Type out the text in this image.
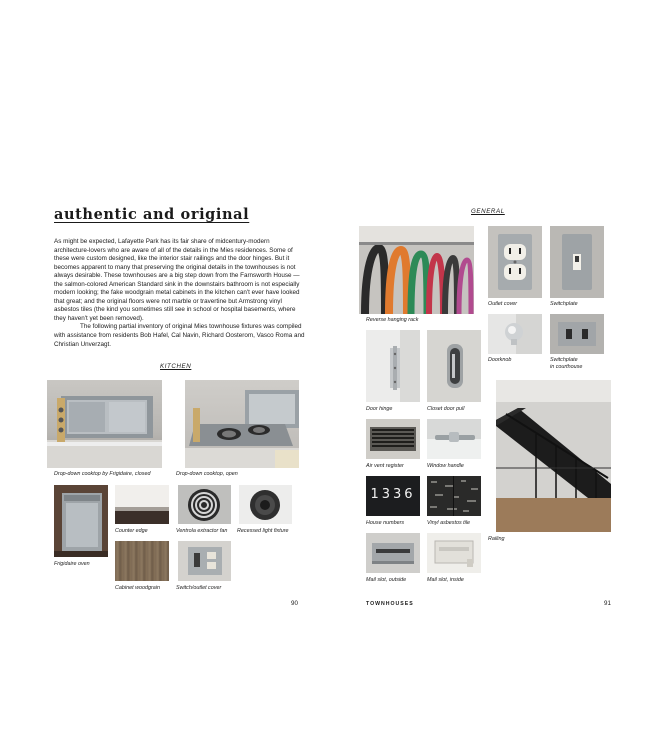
authentic and original

As might be expected, Lafayette Park has its fair share of midcentury-modern architecture-lovers who are aware of all of the details in the Mies residences. Some of these were custom designed, like the interior stair railings and the door hinges. But it becomes apparent to many that preserving the original details in the townhouses is not always desirable. These townhouses are a big step down from the Farnsworth House — the salmon-colored American Standard sink in the downstairs bathroom is not especially modern looking; the fake woodgrain metal cabinets in the kitchen can't ever have looked that great; and the original floors were not marble or travertine but Armstrong vinyl asbestos tiles (the kind you sometimes still see in school or hospital basements, where they haven't yet been removed).

The following partial inventory of original Mies townhouse fixtures was compiled with assistance from residents Bob Hafel, Cal Navin, Richard Oosterom, Vasco Roma and Christian Unverzagt.

KITCHEN
Drop-down cooktop by Frigidaire, closed	Drop-down cooktop, open
Frigidaire oven
Counter edge	Ventrola extractor fan Recessed light fixture
Cabinet woodgrain	Switch/outlet cover
90
GENERAL
Reverse hanging rack
Outlet cover	Switchplate
Doorknob	Switchplate
in courthouse
Door hinge	Closet door pull
Air vent register	Window handle
1336
House numbers	Vinyl asbestos tile
Railing
Mail slot, outside	Mail slot, inside
TOWNHOUSES	91
